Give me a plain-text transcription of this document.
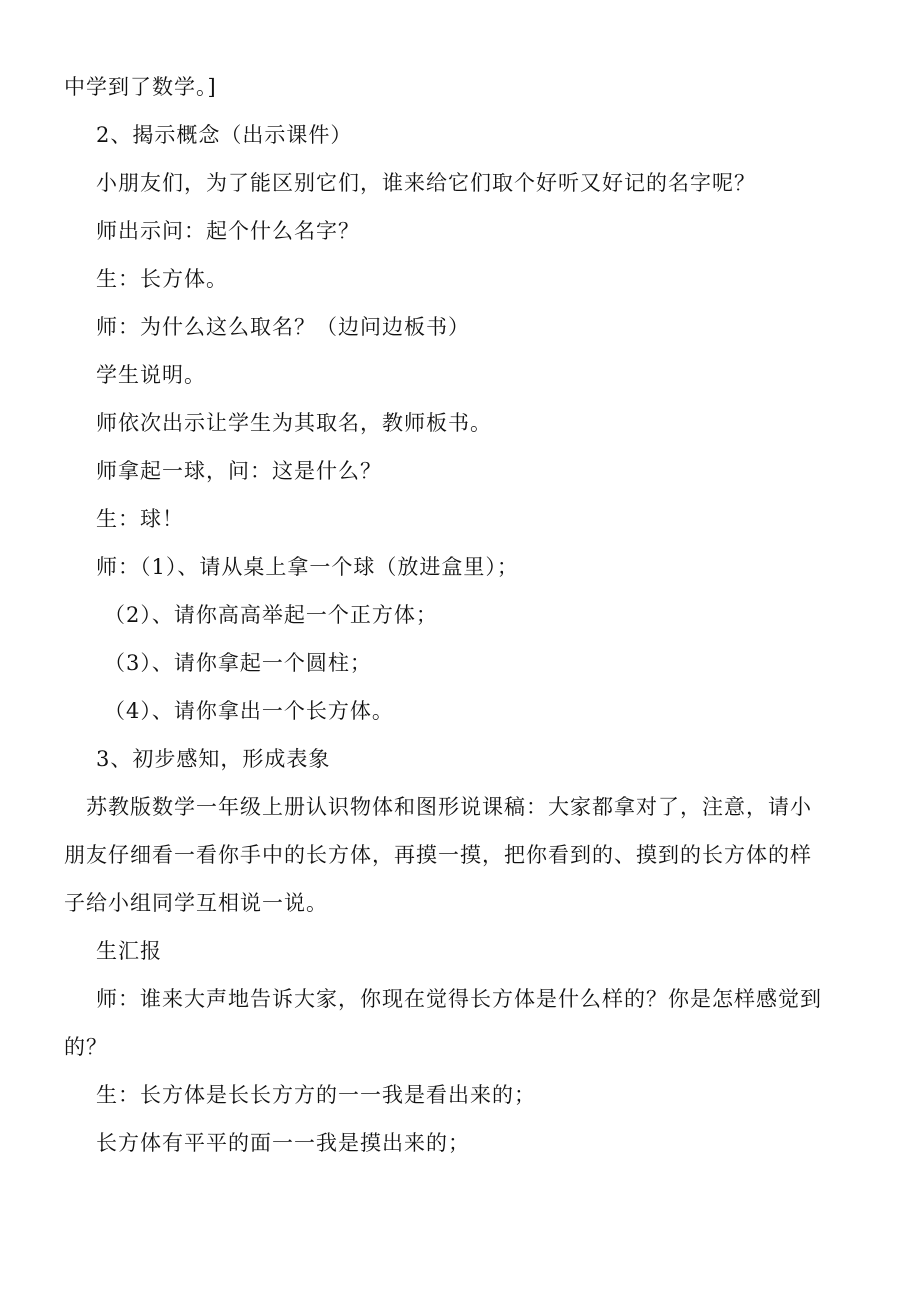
中学到了数学。]
2、揭示概念（出示课件）
小朋友们，为了能区别它们，谁来给它们取个好听又好记的名字呢？
师出示问：起个什么名字？
生：长方体。
师：为什么这么取名？（边问边板书）
学生说明。
师依次出示让学生为其取名，教师板书。
师拿起一球，问：这是什么？
生：球！
师：（1）、请从桌上拿一个球（放进盒里）；
（2）、请你高高举起一个正方体；
（3）、请你拿起一个圆柱；
（4）、请你拿出一个长方体。
3、初步感知，形成表象
苏教版数学一年级上册认识物体和图形说课稿：大家都拿对了，注意，请小
朋友仔细看一看你手中的长方体，再摸一摸，把你看到的、摸到的长方体的样
子给小组同学互相说一说。
生汇报
师：谁来大声地告诉大家，你现在觉得长方体是什么样的？你是怎样感觉到
的？
生：长方体是长长方方的一一我是看出来的；
长方体有平平的面一一我是摸出来的；
